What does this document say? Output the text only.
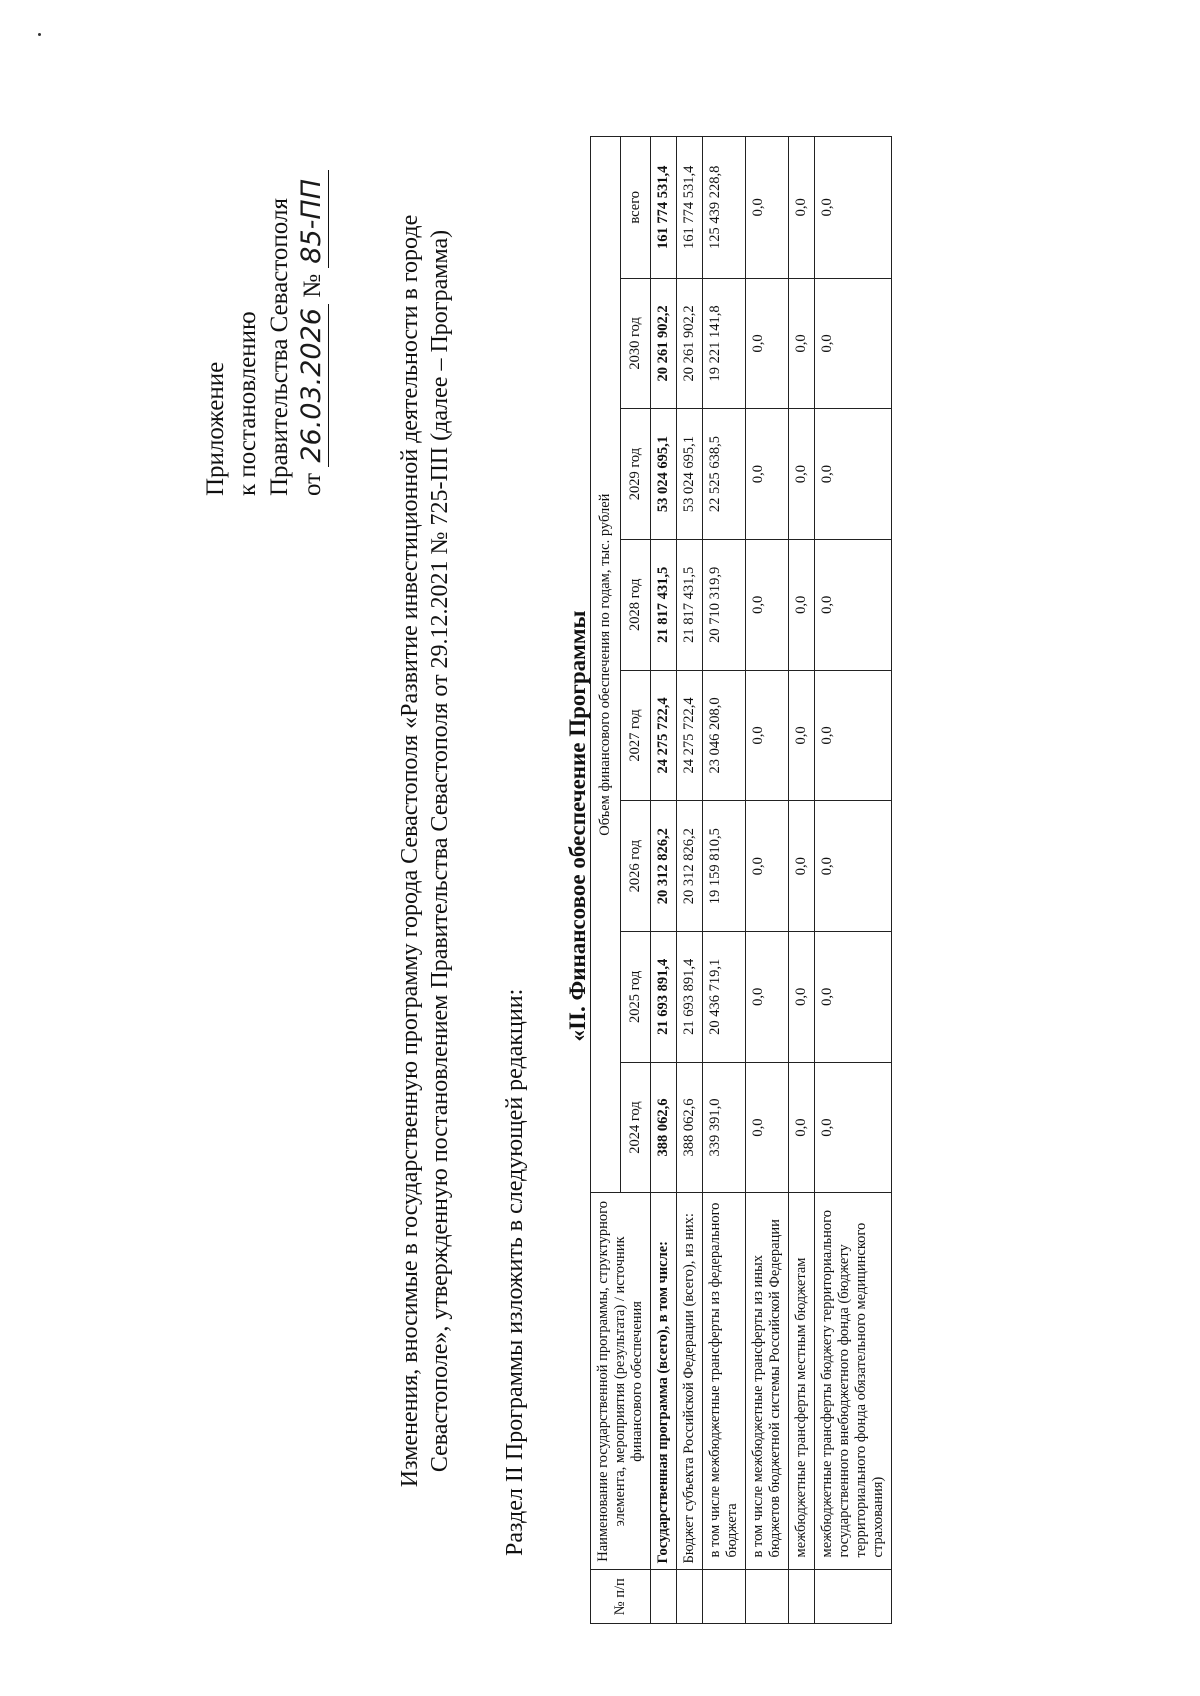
Приложение к постановлению Правительства Севастополя от 26.03.2026 № 85-ПП	Изменения, вносимые в государственную программу города Севастополя «Развитие инвестиционной деятельности в городе Севастополе», утвержденную постановлением Правительства Севастополя от 29.12.2021 № 725-ПП (далее – Программа) Раздел II Программы изложить в следующей редакции:
«II. Финансовое обеспечение Программы
№ п/п	Наименование государственной программы, структурного элемента, мероприятия (результата) / источник финансового обеспечения	Объем финансового обеспечения по годам, тыс. рублей							
		2024 год	2025 год	2026 год	2027 год	2028 год	2029 год	2030 год	всего
	Государственная программа (всего), в том числе:	388 062,6	21 693 891,4	20 312 826,2	24 275 722,4	21 817 431,5	53 024 695,1	20 261 902,2	161 774 531,4
	Бюджет субъекта Российской Федерации (всего), из них:	388 062,6	21 693 891,4	20 312 826,2	24 275 722,4	21 817 431,5	53 024 695,1	20 261 902,2	161 774 531,4
	в том числе межбюджетные трансферты из федерального бюджета	339 391,0	20 436 719,1	19 159 810,5	23 046 208,0	20 710 319,9	22 525 638,5	19 221 141,8	125 439 228,8
	в том числе межбюджетные трансферты из иных бюджетов бюджетной системы Российской Федерации	0,0	0,0	0,0	0,0	0,0	0,0	0,0	0,0
	межбюджетные трансферты местным бюджетам	0,0	0,0	0,0	0,0	0,0	0,0	0,0	0,0
	межбюджетные трансферты бюджету территориального государственного внебюджетного фонда (бюджету территориального фонда обязательного медицинского страхования)	0,0	0,0	0,0	0,0	0,0	0,0	0,0	0,0
